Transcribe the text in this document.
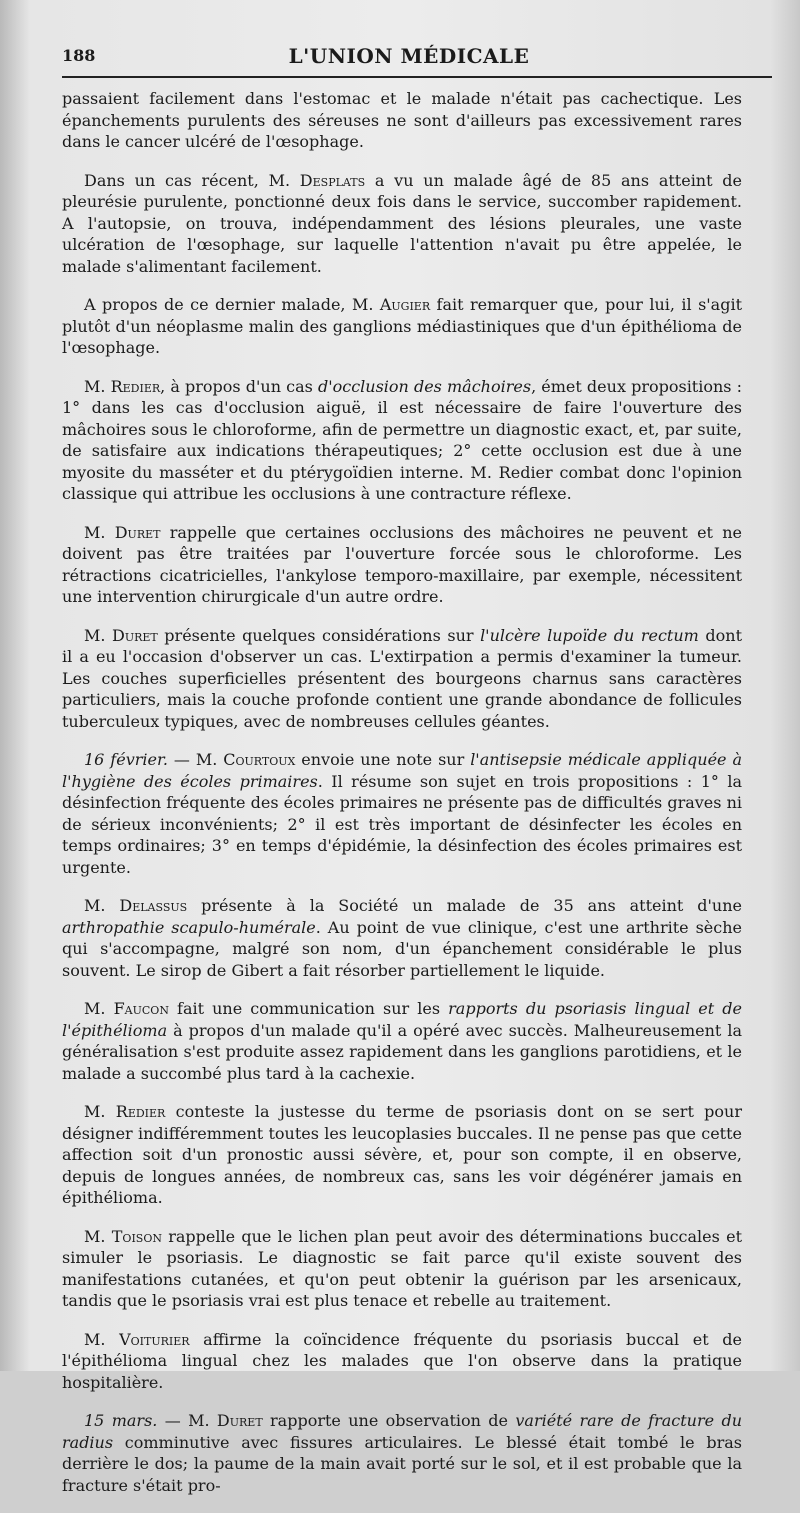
188	L'UNION MÉDICALE

passaient facilement dans l'estomac et le malade n'était pas cachectique. Les épanchements purulents des séreuses ne sont d'ailleurs pas excessivement rares dans le cancer ulcéré de l'œsophage.

Dans un cas récent, M. Desplats a vu un malade âgé de 85 ans atteint de pleurésie purulente, ponctionné deux fois dans le service, succomber rapidement. A l'autopsie, on trouva, indépendamment des lésions pleurales, une vaste ulcération de l'œsophage, sur laquelle l'attention n'avait pu être appelée, le malade s'alimentant facilement.

A propos de ce dernier malade, M. Augier fait remarquer que, pour lui, il s'agit plutôt d'un néoplasme malin des ganglions médiastiniques que d'un épithélioma de l'œsophage.

M. Redier, à propos d'un cas d'occlusion des mâchoires, émet deux propositions : 1° dans les cas d'occlusion aiguë, il est nécessaire de faire l'ouverture des mâchoires sous le chloroforme, afin de permettre un diagnostic exact, et, par suite, de satisfaire aux indications thérapeutiques; 2° cette occlusion est due à une myosite du masséter et du ptérygoïdien interne. M. Redier combat donc l'opinion classique qui attribue les occlusions à une contracture réflexe.

M. Duret rappelle que certaines occlusions des mâchoires ne peuvent et ne doivent pas être traitées par l'ouverture forcée sous le chloroforme. Les rétractions cicatricielles, l'ankylose temporo-maxillaire, par exemple, nécessitent une intervention chirurgicale d'un autre ordre.

M. Duret présente quelques considérations sur l'ulcère lupoïde du rectum dont il a eu l'occasion d'observer un cas. L'extirpation a permis d'examiner la tumeur. Les couches superficielles présentent des bourgeons charnus sans caractères particuliers, mais la couche profonde contient une grande abondance de follicules tuberculeux typiques, avec de nombreuses cellules géantes.

16 février. — M. Courtoux envoie une note sur l'antisepsie médicale appliquée à l'hygiène des écoles primaires. Il résume son sujet en trois propositions : 1° la désinfection fréquente des écoles primaires ne présente pas de difficultés graves ni de sérieux inconvénients; 2° il est très important de désinfecter les écoles en temps ordinaires; 3° en temps d'épidémie, la désinfection des écoles primaires est urgente.

M. Delassus présente à la Société un malade de 35 ans atteint d'une arthropathie scapulo-humérale. Au point de vue clinique, c'est une arthrite sèche qui s'accompagne, malgré son nom, d'un épanchement considérable le plus souvent. Le sirop de Gibert a fait résorber partiellement le liquide.

M. Faucon fait une communication sur les rapports du psoriasis lingual et de l'épithélioma à propos d'un malade qu'il a opéré avec succès. Malheureusement la généralisation s'est produite assez rapidement dans les ganglions parotidiens, et le malade a succombé plus tard à la cachexie.

M. Redier conteste la justesse du terme de psoriasis dont on se sert pour désigner indifféremment toutes les leucoplasies buccales. Il ne pense pas que cette affection soit d'un pronostic aussi sévère, et, pour son compte, il en observe, depuis de longues années, de nombreux cas, sans les voir dégénérer jamais en épithélioma.

M. Toison rappelle que le lichen plan peut avoir des déterminations buccales et simuler le psoriasis. Le diagnostic se fait parce qu'il existe souvent des manifestations cutanées, et qu'on peut obtenir la guérison par les arsenicaux, tandis que le psoriasis vrai est plus tenace et rebelle au traitement.

M. Voiturier affirme la coïncidence fréquente du psoriasis buccal et de l'épithélioma lingual chez les malades que l'on observe dans la pratique hospitalière.

15 mars. — M. Duret rapporte une observation de variété rare de fracture du radius comminutive avec fissures articulaires. Le blessé était tombé le bras derrière le dos; la paume de la main avait porté sur le sol, et il est probable que la fracture s'était pro-
